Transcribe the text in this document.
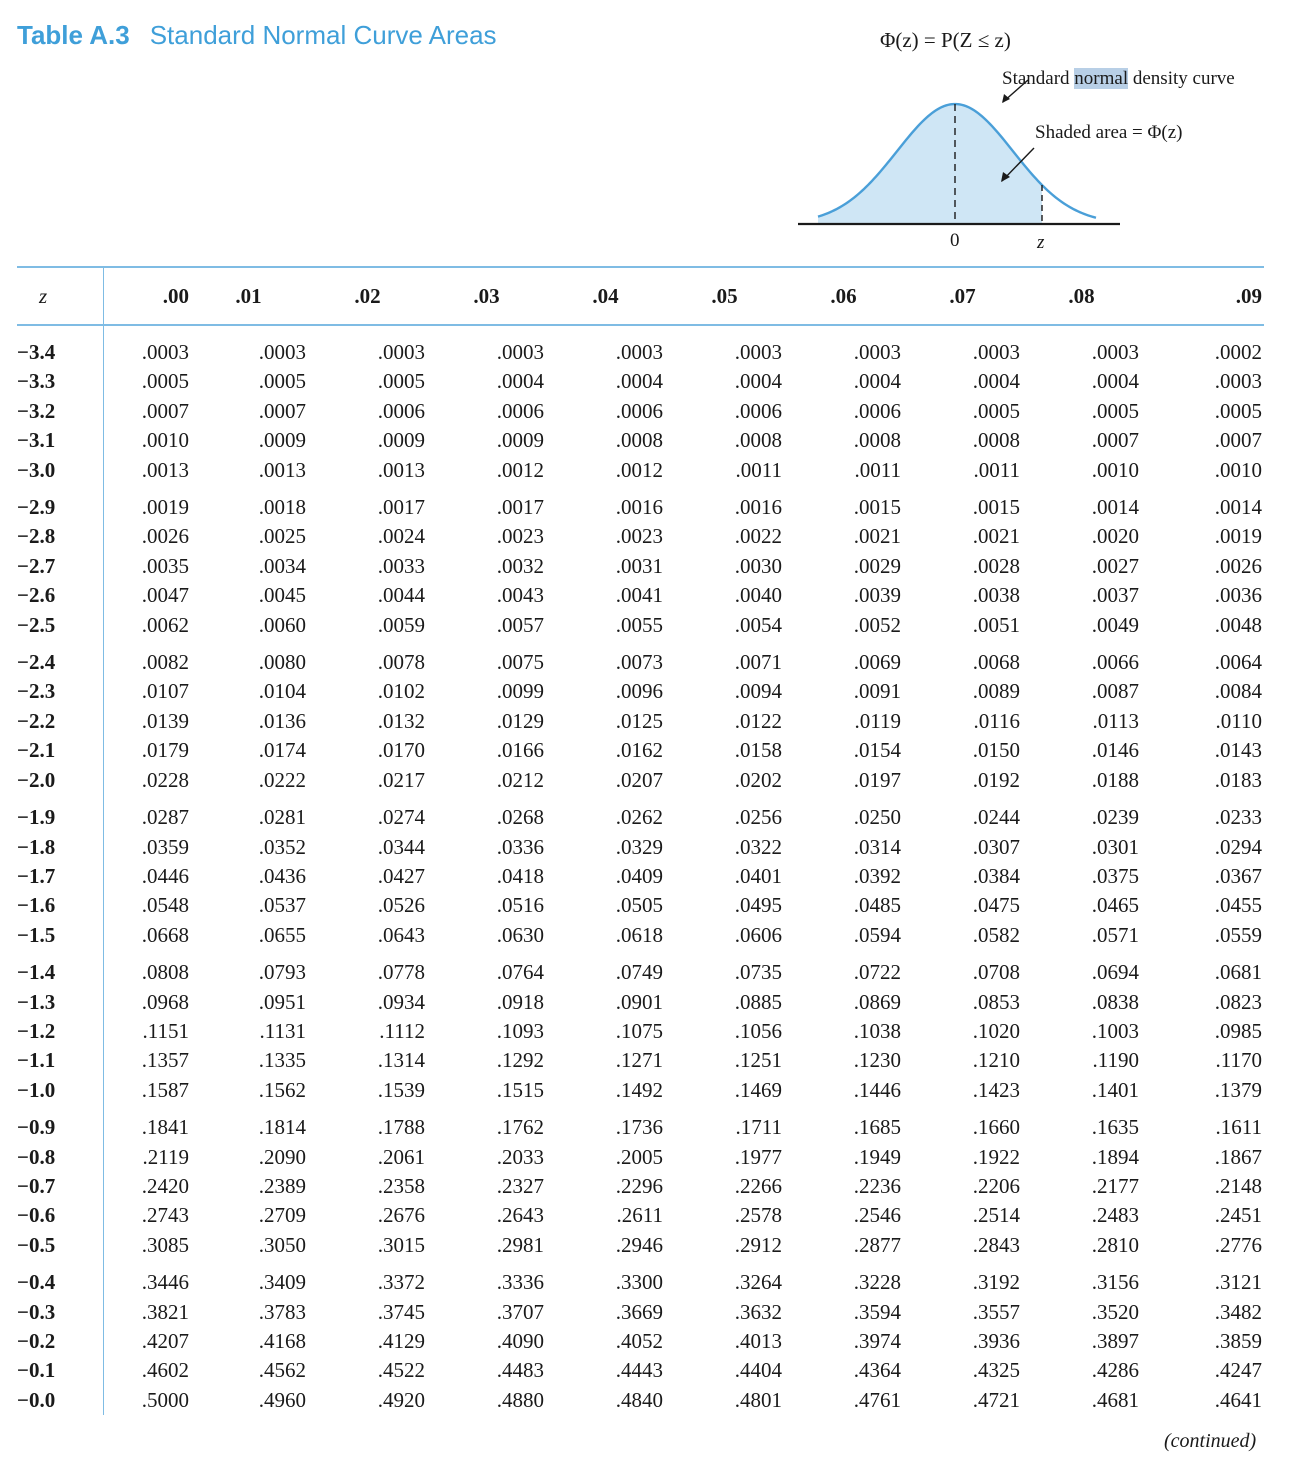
Table A.3 Standard Normal Curve Areas	Φ(z) = P(Z ≤ z)
Standard normal density curve
Shaded area = Φ(z)
0	z
z	.00	.01	.02	.03	.04	.05	.06	.07	.08	.09
−3.4	.0003	.0003	.0003	.0003	.0003	.0003	.0003	.0003	.0003	.0002
−3.3	.0005	.0005	.0005	.0004	.0004	.0004	.0004	.0004	.0004	.0003
−3.2	.0007	.0007	.0006	.0006	.0006	.0006	.0006	.0005	.0005	.0005
−3.1	.0010	.0009	.0009	.0009	.0008	.0008	.0008	.0008	.0007	.0007
−3.0	.0013	.0013	.0013	.0012	.0012	.0011	.0011	.0011	.0010	.0010
−2.9	.0019	.0018	.0017	.0017	.0016	.0016	.0015	.0015	.0014	.0014
−2.8	.0026	.0025	.0024	.0023	.0023	.0022	.0021	.0021	.0020	.0019
−2.7	.0035	.0034	.0033	.0032	.0031	.0030	.0029	.0028	.0027	.0026
−2.6	.0047	.0045	.0044	.0043	.0041	.0040	.0039	.0038	.0037	.0036
−2.5	.0062	.0060	.0059	.0057	.0055	.0054	.0052	.0051	.0049	.0048
−2.4	.0082	.0080	.0078	.0075	.0073	.0071	.0069	.0068	.0066	.0064
−2.3	.0107	.0104	.0102	.0099	.0096	.0094	.0091	.0089	.0087	.0084
−2.2	.0139	.0136	.0132	.0129	.0125	.0122	.0119	.0116	.0113	.0110
−2.1	.0179	.0174	.0170	.0166	.0162	.0158	.0154	.0150	.0146	.0143
−2.0	.0228	.0222	.0217	.0212	.0207	.0202	.0197	.0192	.0188	.0183
−1.9	.0287	.0281	.0274	.0268	.0262	.0256	.0250	.0244	.0239	.0233
−1.8	.0359	.0352	.0344	.0336	.0329	.0322	.0314	.0307	.0301	.0294
−1.7	.0446	.0436	.0427	.0418	.0409	.0401	.0392	.0384	.0375	.0367
−1.6	.0548	.0537	.0526	.0516	.0505	.0495	.0485	.0475	.0465	.0455
−1.5	.0668	.0655	.0643	.0630	.0618	.0606	.0594	.0582	.0571	.0559
−1.4	.0808	.0793	.0778	.0764	.0749	.0735	.0722	.0708	.0694	.0681
−1.3	.0968	.0951	.0934	.0918	.0901	.0885	.0869	.0853	.0838	.0823
−1.2	.1151	.1131	.1112	.1093	.1075	.1056	.1038	.1020	.1003	.0985
−1.1	.1357	.1335	.1314	.1292	.1271	.1251	.1230	.1210	.1190	.1170
−1.0	.1587	.1562	.1539	.1515	.1492	.1469	.1446	.1423	.1401	.1379
−0.9	.1841	.1814	.1788	.1762	.1736	.1711	.1685	.1660	.1635	.1611
−0.8	.2119	.2090	.2061	.2033	.2005	.1977	.1949	.1922	.1894	.1867
−0.7	.2420	.2389	.2358	.2327	.2296	.2266	.2236	.2206	.2177	.2148
−0.6	.2743	.2709	.2676	.2643	.2611	.2578	.2546	.2514	.2483	.2451
−0.5	.3085	.3050	.3015	.2981	.2946	.2912	.2877	.2843	.2810	.2776
−0.4	.3446	.3409	.3372	.3336	.3300	.3264	.3228	.3192	.3156	.3121
−0.3	.3821	.3783	.3745	.3707	.3669	.3632	.3594	.3557	.3520	.3482
−0.2	.4207	.4168	.4129	.4090	.4052	.4013	.3974	.3936	.3897	.3859
−0.1	.4602	.4562	.4522	.4483	.4443	.4404	.4364	.4325	.4286	.4247
−0.0	.5000	.4960	.4920	.4880	.4840	.4801	.4761	.4721	.4681	.4641
(continued)
